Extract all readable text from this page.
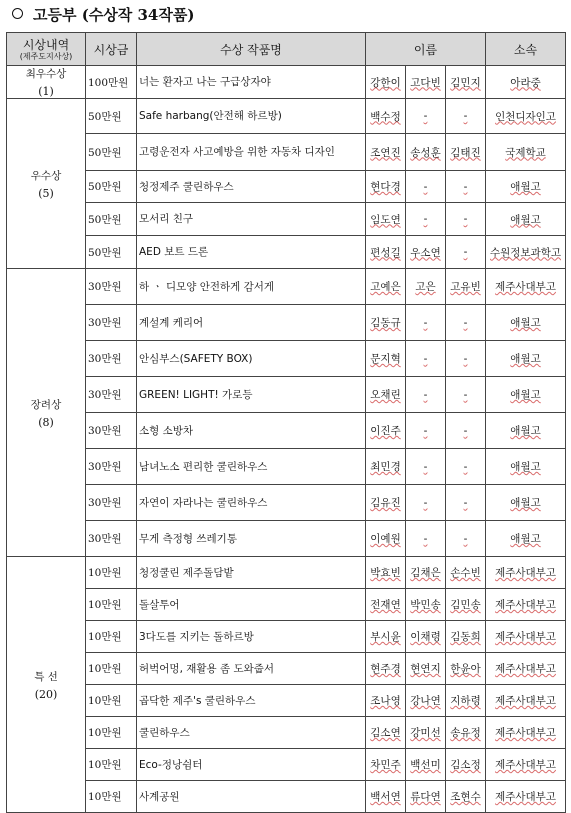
고등부 (수상작 34작품)
시상내역
(제주도지사상)	시상금	수상 작품명	이름			소속
최우수상
(1)	100만원	너는 환자고 나는 구급상자야	강한이	고다빈	김민지	아라중
우수상
(5)	50만원	Safe harbang(안전해 하르방)	백수정	-	-	인천디자인고
	50만원	고령운전자 사고예방을 위한 자동차 디자인	조연진	송성훈	김태진	국제학교
	50만원	청정제주 쿨린하우스	현다경	-	-	애월고
	50만원	모서리 친구	임도연	-	-	애월고
	50만원	AED 보트 드론	편성길	우소연	-	수원정보과학고
장려상
(8)	30만원	하 ㆍ 디모양 안전하게 감서게	고예은	고은	고유빈	제주사대부고
	30만원	계설계 케리어	김동규	-	-	애월고
	30만원	안심부스(SAFETY BOX)	문지혁	-	-	애월고
	30만원	GREEN! LIGHT! 가로등	오채린	-	-	애월고
	30만원	소형 소방차	이진주	-	-	애월고
	30만원	남녀노소 편리한 쿨린하우스	최민경	-	-	애월고
	30만원	자연이 자라나는 쿨린하우스	김유진	-	-	애월고
	30만원	무게 측정형 쓰레기통	이예원	-	-	애월고
특 선
(20)	10만원	청정쿨린 제주돌담밭	박효빈	김채은	손수빈	제주사대부고
	10만원	돌살투어	전재연	박민송	김민송	제주사대부고
	10만원	3다도를 지키는 돌하르방	부시윤	이채령	김동희	제주사대부고
	10만원	허벅어멍, 재활용 좀 도와줍서	현주경	현연지	한윤아	제주사대부고
	10만원	곱닥한 제주's 쿨린하우스	조나영	강나연	지하령	제주사대부고
	10만원	쿨린하우스	김소연	강미선	송유정	제주사대부고
	10만원	Eco-정낭쉼터	차민주	백선미	김소정	제주사대부고
	10만원	사계공원	백서연	류다연	조현수	제주사대부고
